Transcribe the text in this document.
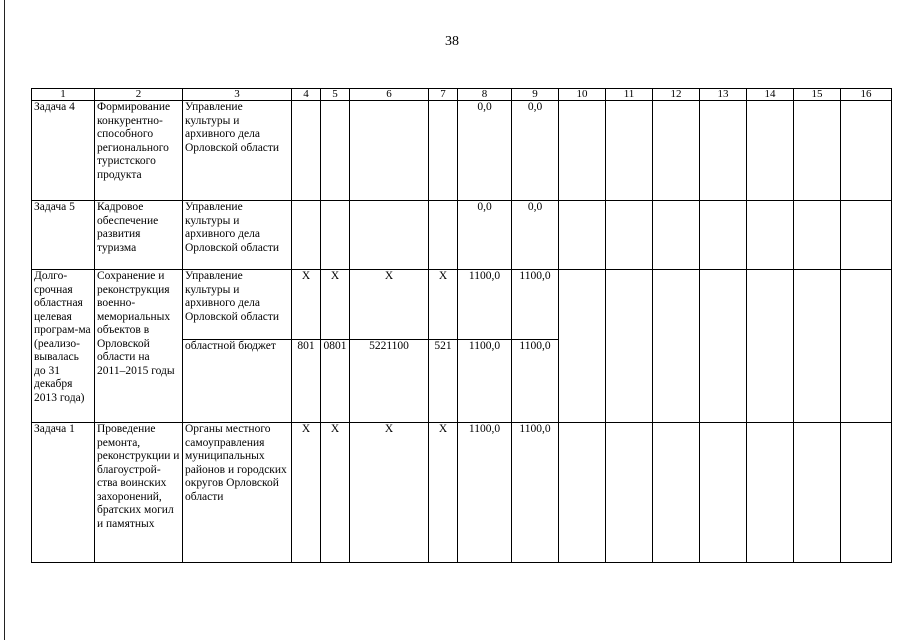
38
1	2	3	4	5	6	7	8	9	10	11	12	13	14	15	16
Задача 4	Формирование конкурентно-способного регионального туристского продукта	Управление культуры и архивного дела Орловской области					0,0	0,0							
Задача 5	Кадровое обеспечение развития туризма	Управление культуры и архивного дела Орловской области					0,0	0,0							
Долго-срочная областная целевая програм-ма (реализо-вывалась до 31 декабря 2013 года)	Сохранение и реконструкция военно-мемориальных объектов в Орловской области на 2011–2015 годы	Управление культуры и архивного дела Орловской области	Х	Х	Х	Х	1100,0	1100,0							
		областной бюджет	801	0801	5221100	521	1100,0	1100,0							
Задача 1	Проведение ремонта, реконструкции и благоустрой-ства воинских захоронений, братских могил и памятных	Органы местного самоуправления муниципальных районов и городских округов Орловской области	Х	Х	Х	Х	1100,0	1100,0							
